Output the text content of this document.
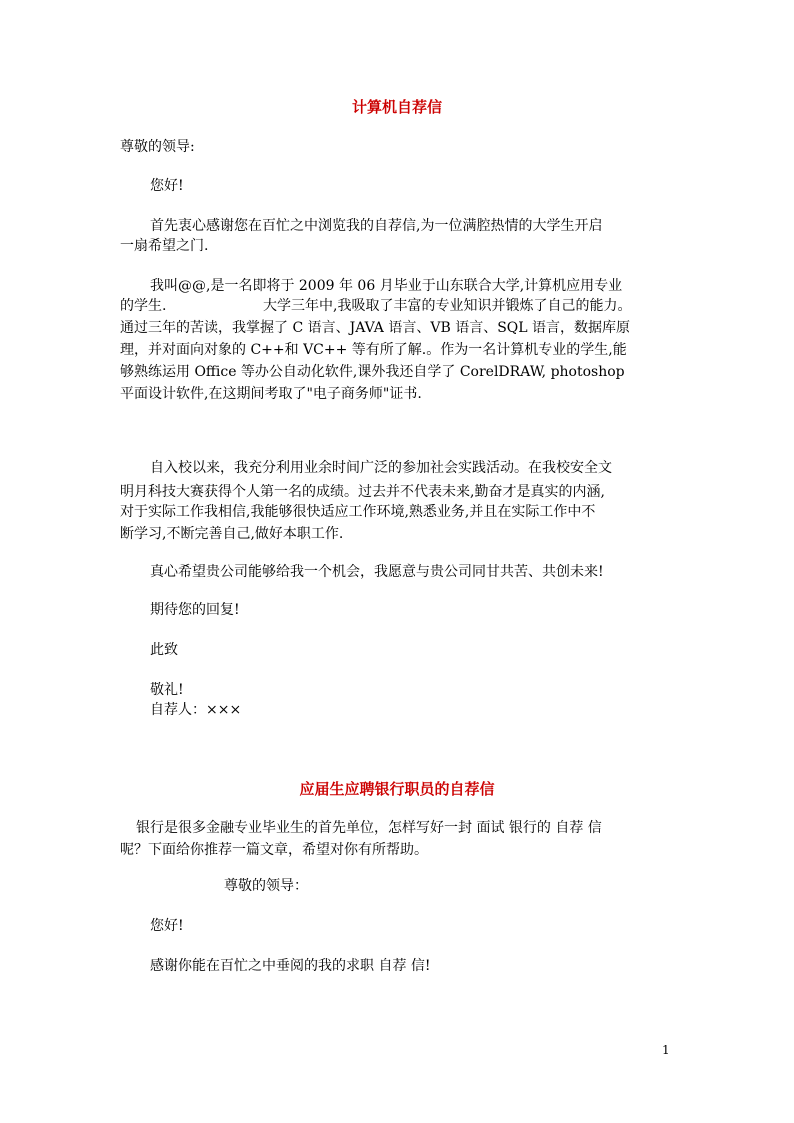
计算机自荐信
尊敬的领导:
您好!
首先衷心感谢您在百忙之中浏览我的自荐信,为一位满腔热情的大学生开启
一扇希望之门.
我叫@@,是一名即将于 2009 年 06 月毕业于山东联合大学,计算机应用专业
的学生.	大学三年中,我吸取了丰富的专业知识并锻炼了自己的能力。
通过三年的苦读，我掌握了 C 语言、JAVA 语言、VB 语言、SQL 语言，数据库原
理，并对面向对象的 C++和 VC++ 等有所了解.。作为一名计算机专业的学生,能
够熟练运用 Office 等办公自动化软件,课外我还自学了 CorelDRAW, photoshop
平面设计软件,在这期间考取了"电子商务师"证书.
自入校以来，我充分利用业余时间广泛的参加社会实践活动。在我校安全文
明月科技大赛获得个人第一名的成绩。过去并不代表未来,勤奋才是真实的内涵,
对于实际工作我相信,我能够很快适应工作环境,熟悉业务,并且在实际工作中不
断学习,不断完善自己,做好本职工作.
真心希望贵公司能够给我一个机会，我愿意与贵公司同甘共苦、共创未来!
期待您的回复!
此致
敬礼!
自荐人：×××
应届生应聘银行职员的自荐信
银行是很多金融专业毕业生的首先单位，怎样写好一封 面试 银行的 自荐 信
呢？下面给你推荐一篇文章，希望对你有所帮助。
尊敬的领导：
您好!
感谢你能在百忙之中垂阅的我的求职 自荐 信!
1
